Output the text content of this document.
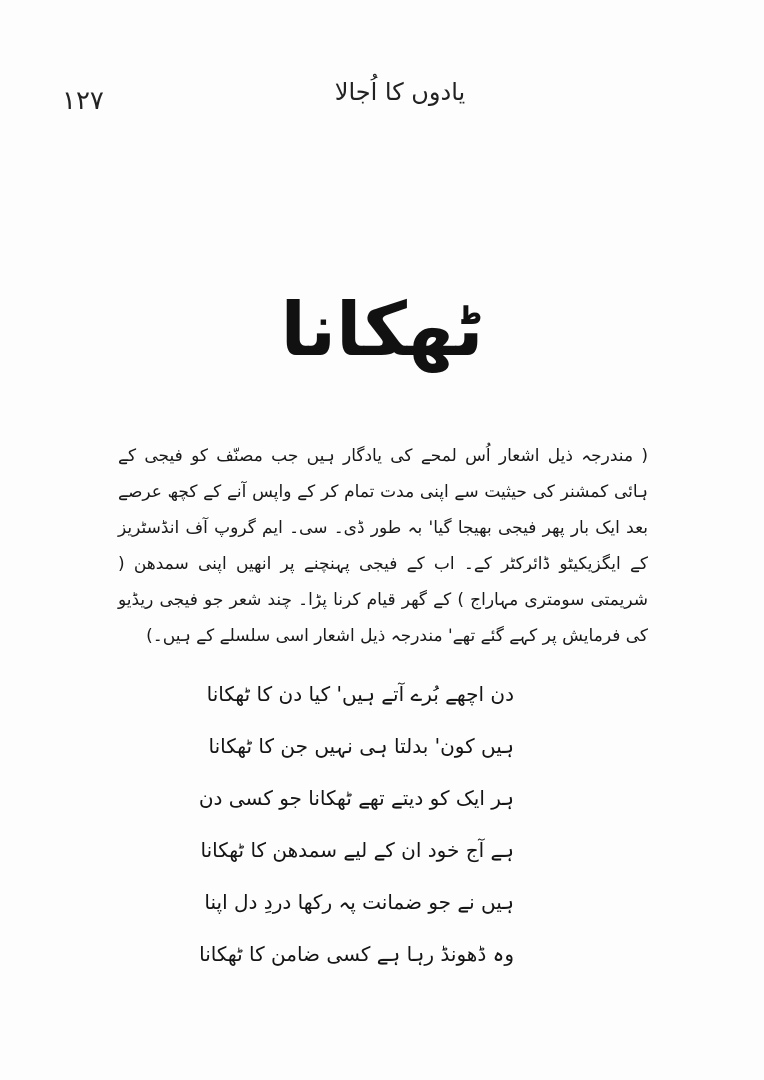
۱۲۷	یادوں کا اُجالا
ٹھکانا
( مندرجہ ذیل اشعار اُس لمحے کی یادگار ہیں جب مصنّف کو فیجی کے ہائی کمشنر کی حیثیت سے اپنی مدت تمام کر کے واپس آنے کے کچھ عرصے بعد ایک بار پھر فیجی بھیجا گیا' بہ طور ڈی۔ سی۔ ایم گروپ آف انڈسٹریز کے ایگزیکیٹو ڈائرکٹر کے۔ اب کے فیجی پہنچنے پر انھیں اپنی سمدھن ( شریمتی سومتری مہاراج ) کے گھر قیام کرنا پڑا۔ چند شعر جو فیجی ریڈیو کی فرمایش پر کہے گئے تھے' مندرجہ ذیل اشعار اسی سلسلے کے ہیں۔)
دن اچھے بُرے آتے ہیں' کیا دن کا ٹھکانا
ہیں کون' بدلتا ہی نہیں جن کا ٹھکانا
ہر ایک کو دیتے تھے ٹھکانا جو کسی دن
ہے آج خود ان کے لیے سمدھن کا ٹھکانا
ہیں نے جو ضمانت پہ رکھا دردِ دل اپنا
وہ ڈھونڈ رہا ہے کسی ضامن کا ٹھکانا
